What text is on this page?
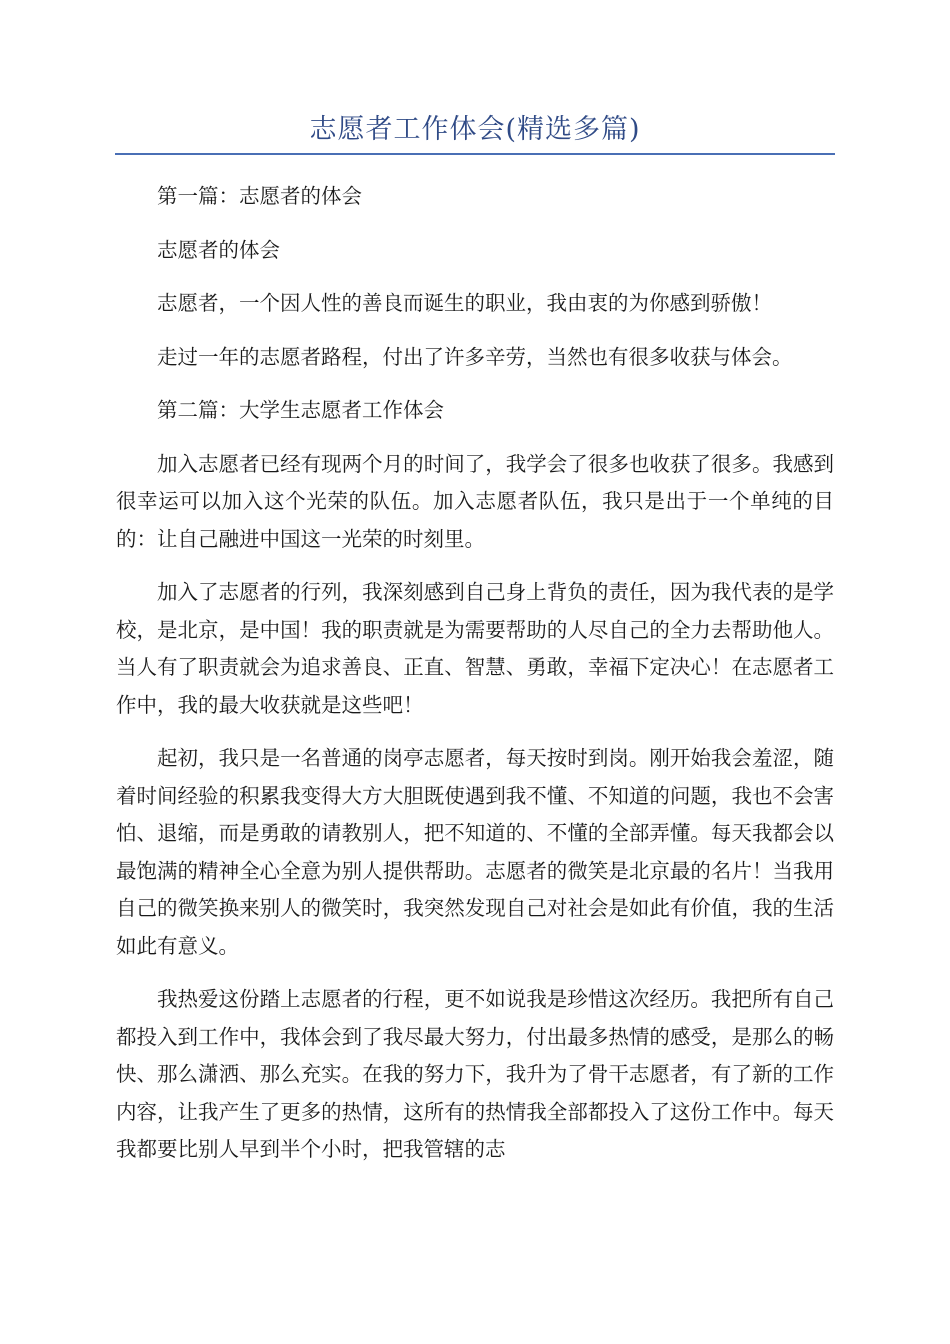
志愿者工作体会(精选多篇)

第一篇：志愿者的体会

志愿者的体会

志愿者，一个因人性的善良而诞生的职业，我由衷的为你感到骄傲！

走过一年的志愿者路程，付出了许多辛劳，当然也有很多收获与体会。

第二篇：大学生志愿者工作体会

加入志愿者已经有现两个月的时间了，我学会了很多也收获了很多。我感到很幸运可以加入这个光荣的队伍。加入志愿者队伍，我只是出于一个单纯的目的：让自己融进中国这一光荣的时刻里。

加入了志愿者的行列，我深刻感到自己身上背负的责任，因为我代表的是学校，是北京，是中国！我的职责就是为需要帮助的人尽自己的全力去帮助他人。当人有了职责就会为追求善良、正直、智慧、勇敢，幸福下定决心！在志愿者工作中，我的最大收获就是这些吧！

起初，我只是一名普通的岗亭志愿者，每天按时到岗。刚开始我会羞涩，随着时间经验的积累我变得大方大胆既使遇到我不懂、不知道的问题，我也不会害怕、退缩，而是勇敢的请教别人，把不知道的、不懂的全部弄懂。每天我都会以最饱满的精神全心全意为别人提供帮助。志愿者的微笑是北京最的名片！当我用自己的微笑换来别人的微笑时，我突然发现自己对社会是如此有价值，我的生活如此有意义。

我热爱这份踏上志愿者的行程，更不如说我是珍惜这次经历。我把所有自己都投入到工作中，我体会到了我尽最大努力，付出最多热情的感受，是那么的畅快、那么潇洒、那么充实。在我的努力下，我升为了骨干志愿者，有了新的工作内容，让我产生了更多的热情，这所有的热情我全部都投入了这份工作中。每天我都要比别人早到半个小时，把我管辖的志
